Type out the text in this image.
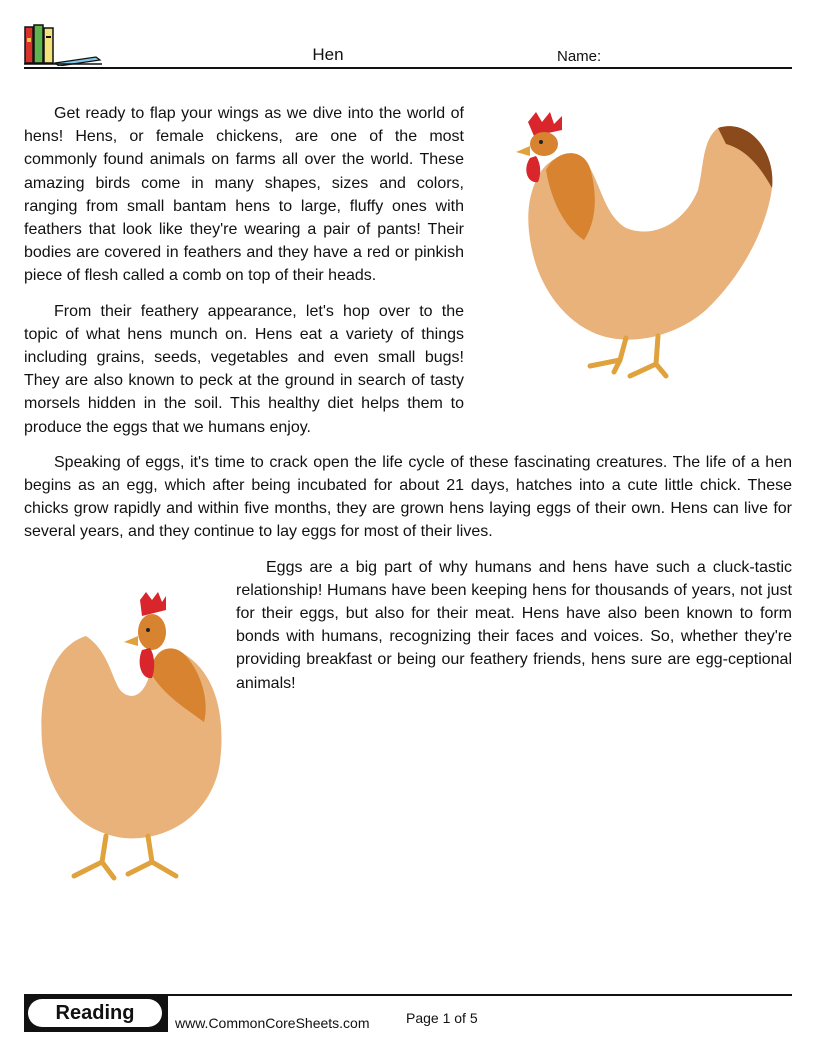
Hen	Name:

Get ready to flap your wings as we dive into the world of hens! Hens, or female chickens, are one of the most commonly found animals on farms all over the world. These amazing birds come in many shapes, sizes and colors, ranging from small bantam hens to large, fluffy ones with feathers that look like they're wearing a pair of pants! Their bodies are covered in feathers and they have a red or pinkish piece of flesh called a comb on top of their heads.

From their feathery appearance, let's hop over to the topic of what hens munch on. Hens eat a variety of things including grains, seeds, vegetables and even small bugs! They are also known to peck at the ground in search of tasty morsels hidden in the soil. This healthy diet helps them to produce the eggs that we humans enjoy.

Speaking of eggs, it's time to crack open the life cycle of these fascinating creatures. The life of a hen begins as an egg, which after being incubated for about 21 days, hatches into a cute little chick. These chicks grow rapidly and within five months, they are grown hens laying eggs of their own. Hens can live for several years, and they continue to lay eggs for most of their lives.

Eggs are a big part of why humans and hens have such a cluck-tastic relationship! Humans have been keeping hens for thousands of years, not just for their eggs, but also for their meat. Hens have also been known to form bonds with humans, recognizing their faces and voices. So, whether they're providing breakfast or being our feathery friends, hens sure are egg-ceptional animals!

Reading	www.CommonCoreSheets.com	Page 1 of 5
